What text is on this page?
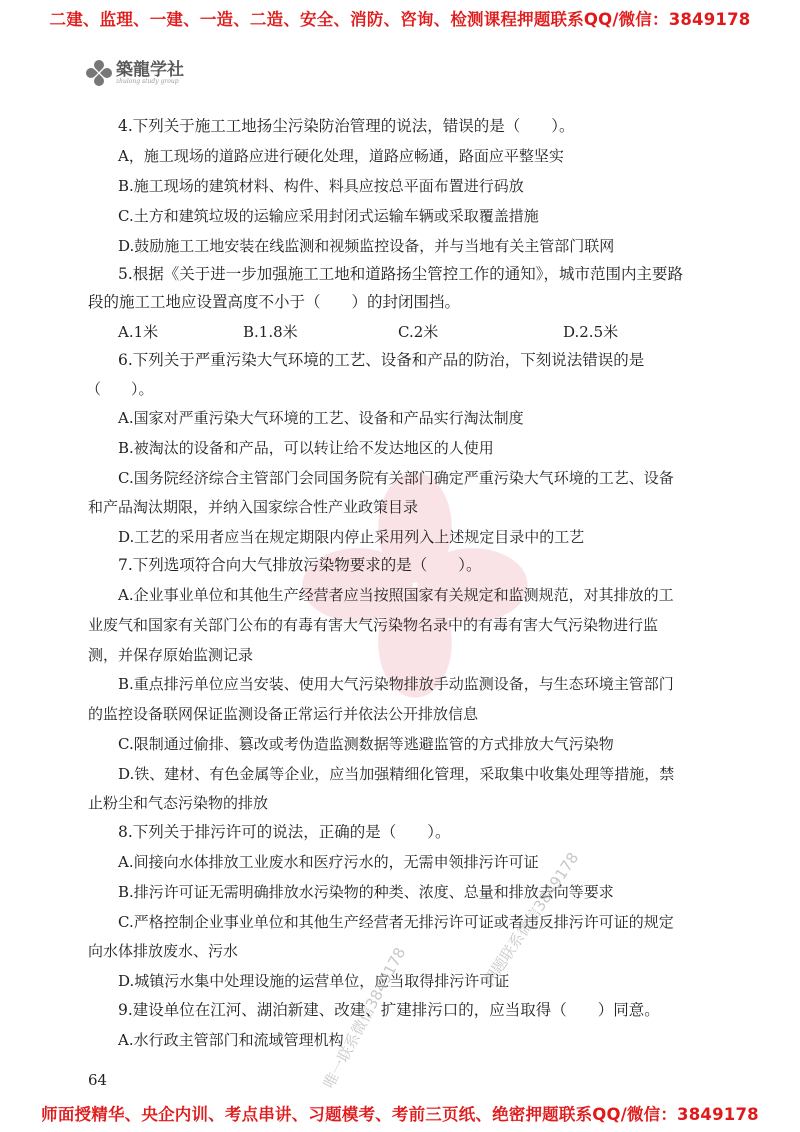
二建、监理、一建、一造、二造、安全、消防、咨询、检测课程押题联系QQ/微信：3849178
築龍学社
zhulong study group
4.下列关于施工工地扬尘污染防治管理的说法，错误的是（　　）。
A，施工现场的道路应进行硬化处理，道路应畅通，路面应平整坚实
B.施工现场的建筑材料、构件、料具应按总平面布置进行码放
C.土方和建筑垃圾的运输应采用封闭式运输车辆或采取覆盖措施
D.鼓励施工工地安装在线监测和视频监控设备，并与当地有关主管部门联网
5.根据《关于进一步加强施工工地和道路扬尘管控工作的通知》，城市范围内主要路
段的施工工地应设置高度不小于（　　）的封闭围挡。
A.1米	B.1.8米	C.2米	D.2.5米
6.下列关于严重污染大气环境的工艺、设备和产品的防治，下刻说法错误的是
（　　）。
A.国家对严重污染大气环境的工艺、设备和产品实行淘汰制度
B.被淘汰的设备和产品，可以转让给不发达地区的人使用
C.国务院经济综合主管部门会同国务院有关部门确定严重污染大气环境的工艺、设备
和产品淘汰期限，并纳入国家综合性产业政策目录
D.工艺的采用者应当在规定期限内停止采用列入上述规定目录中的工艺
7.下列选项符合向大气排放污染物要求的是（　　）。
A.企业事业单位和其他生产经营者应当按照国家有关规定和监测规范，对其排放的工
业废气和国家有关部门公布的有毒有害大气污染物名录中的有毒有害大气污染物进行监
测，并保存原始监测记录
B.重点排污单位应当安装、使用大气污染物排放手动监测设备，与生态环境主管部门
的监控设备联网保证监测设备正常运行并依法公开排放信息
C.限制通过偷排、篡改或考伪造监测数据等逃避监管的方式排放大气污染物
D.铁、建材、有色金属等企业，应当加强精细化管理，采取集中收集处理等措施，禁
止粉尘和气态污染物的排放
8.下列关于排污许可的说法，正确的是（　　）。
A.间接向水体排放工业废水和医疗污水的，无需申领排污许可证
B.排污许可证无需明确排放水污染物的种类、浓度、总量和排放去向等要求
C.严格控制企业事业单位和其他生产经营者无排污许可证或者违反排污许可证的规定
向水体排放废水、污水
D.城镇污水集中处理设施的运营单位，应当取得排污许可证
9.建设单位在江河、湖泊新建、改建、扩建排污口的，应当取得（　　）同意。
A.水行政主管部门和流域管理机构
唯一联系微信3849178
押题联系微信3849178
64
师面授精华、央企内训、考点串讲、习题模考、考前三页纸、绝密押题联系QQ/微信：3849178
